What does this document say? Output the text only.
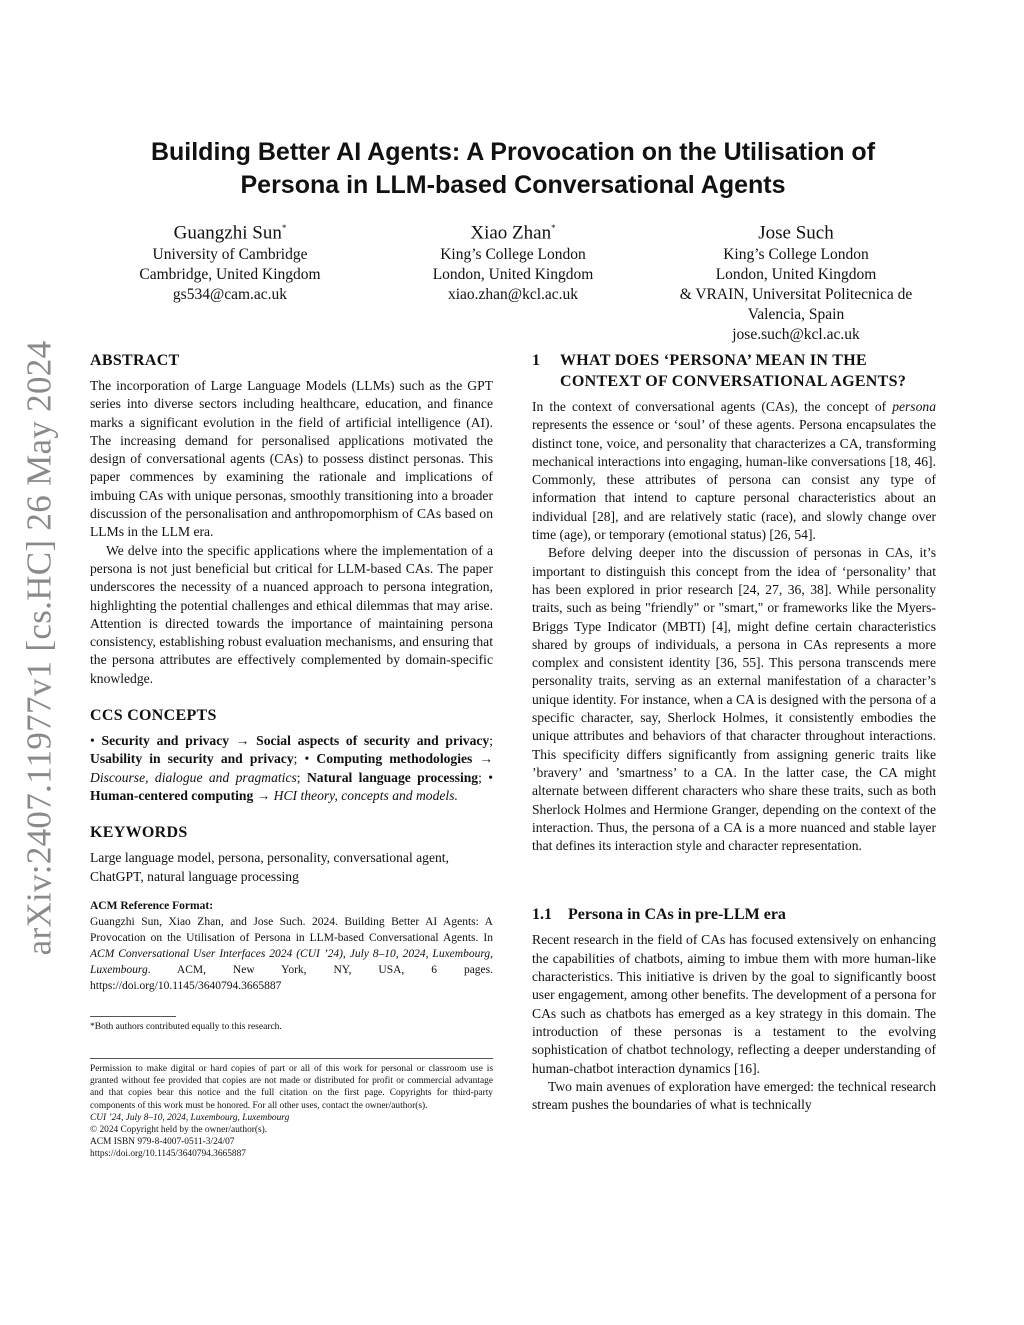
arXiv:2407.11977v1 [cs.HC] 26 May 2024
Building Better AI Agents: A Provocation on the Utilisation of
Persona in LLM-based Conversational Agents
Guangzhi Sun*
University of Cambridge
Cambridge, United Kingdom
gs534@cam.ac.uk
Xiao Zhan*
King’s College London
London, United Kingdom
xiao.zhan@kcl.ac.uk
Jose Such
King’s College London
London, United Kingdom
& VRAIN, Universitat Politecnica de
Valencia, Spain
jose.such@kcl.ac.uk
ABSTRACT

The incorporation of Large Language Models (LLMs) such as the GPT series into diverse sectors including healthcare, education, and finance marks a significant evolution in the field of artificial intelligence (AI). The increasing demand for personalised applications motivated the design of conversational agents (CAs) to possess distinct personas. This paper commences by examining the rationale and implications of imbuing CAs with unique personas, smoothly transitioning into a broader discussion of the personalisation and anthropomorphism of CAs based on LLMs in the LLM era.

We delve into the specific applications where the implementation of a persona is not just beneficial but critical for LLM-based CAs. The paper underscores the necessity of a nuanced approach to persona integration, highlighting the potential challenges and ethical dilemmas that may arise. Attention is directed towards the importance of maintaining persona consistency, establishing robust evaluation mechanisms, and ensuring that the persona attributes are effectively complemented by domain-specific knowledge.

CCS CONCEPTS

• Security and privacy → Social aspects of security and privacy; Usability in security and privacy; • Computing methodologies → Discourse, dialogue and pragmatics; Natural language processing; • Human-centered computing → HCI theory, concepts and models.

KEYWORDS

Large language model, persona, personality, conversational agent, ChatGPT, natural language processing

ACM Reference Format:

Guangzhi Sun, Xiao Zhan, and Jose Such. 2024. Building Better AI Agents: A Provocation on the Utilisation of Persona in LLM-based Conversational Agents. In ACM Conversational User Interfaces 2024 (CUI ’24), July 8–10, 2024, Luxembourg, Luxembourg. ACM, New York, NY, USA, 6 pages. https://doi.org/10.1145/3640794.3665887

*Both authors contributed equally to this research.

Permission to make digital or hard copies of part or all of this work for personal or classroom use is granted without fee provided that copies are not made or distributed for profit or commercial advantage and that copies bear this notice and the full citation on the first page. Copyrights for third-party components of this work must be honored. For all other uses, contact the owner/author(s).

CUI ’24, July 8–10, 2024, Luxembourg, Luxembourg

© 2024 Copyright held by the owner/author(s).

ACM ISBN 979-8-4007-0511-3/24/07

https://doi.org/10.1145/3640794.3665887

1	WHAT DOES ‘PERSONA’ MEAN IN THE CONTEXT OF CONVERSATIONAL AGENTS?

In the context of conversational agents (CAs), the concept of persona represents the essence or ‘soul’ of these agents. Persona encapsulates the distinct tone, voice, and personality that characterizes a CA, transforming mechanical interactions into engaging, human-like conversations [18, 46]. Commonly, these attributes of persona can consist any type of information that intend to capture personal characteristics about an individual [28], and are relatively static (race), and slowly change over time (age), or temporary (emotional status) [26, 54].

Before delving deeper into the discussion of personas in CAs, it’s important to distinguish this concept from the idea of ‘personality’ that has been explored in prior research [24, 27, 36, 38]. While personality traits, such as being "friendly" or "smart," or frameworks like the Myers-Briggs Type Indicator (MBTI) [4], might define certain characteristics shared by groups of individuals, a persona in CAs represents a more complex and consistent identity [36, 55]. This persona transcends mere personality traits, serving as an external manifestation of a character’s unique identity. For instance, when a CA is designed with the persona of a specific character, say, Sherlock Holmes, it consistently embodies the unique attributes and behaviors of that character throughout interactions. This specificity differs significantly from assigning generic traits like ’bravery’ and ’smartness’ to a CA. In the latter case, the CA might alternate between different characters who share these traits, such as both Sherlock Holmes and Hermione Granger, depending on the context of the interaction. Thus, the persona of a CA is a more nuanced and stable layer that defines its interaction style and character representation.

1.1 Persona in CAs in pre-LLM era

Recent research in the field of CAs has focused extensively on enhancing the capabilities of chatbots, aiming to imbue them with more human-like characteristics. This initiative is driven by the goal to significantly boost user engagement, among other benefits. The development of a persona for CAs such as chatbots has emerged as a key strategy in this domain. The introduction of these personas is a testament to the evolving sophistication of chatbot technology, reflecting a deeper understanding of human-chatbot interaction dynamics [16].

Two main avenues of exploration have emerged: the technical research stream pushes the boundaries of what is technically
